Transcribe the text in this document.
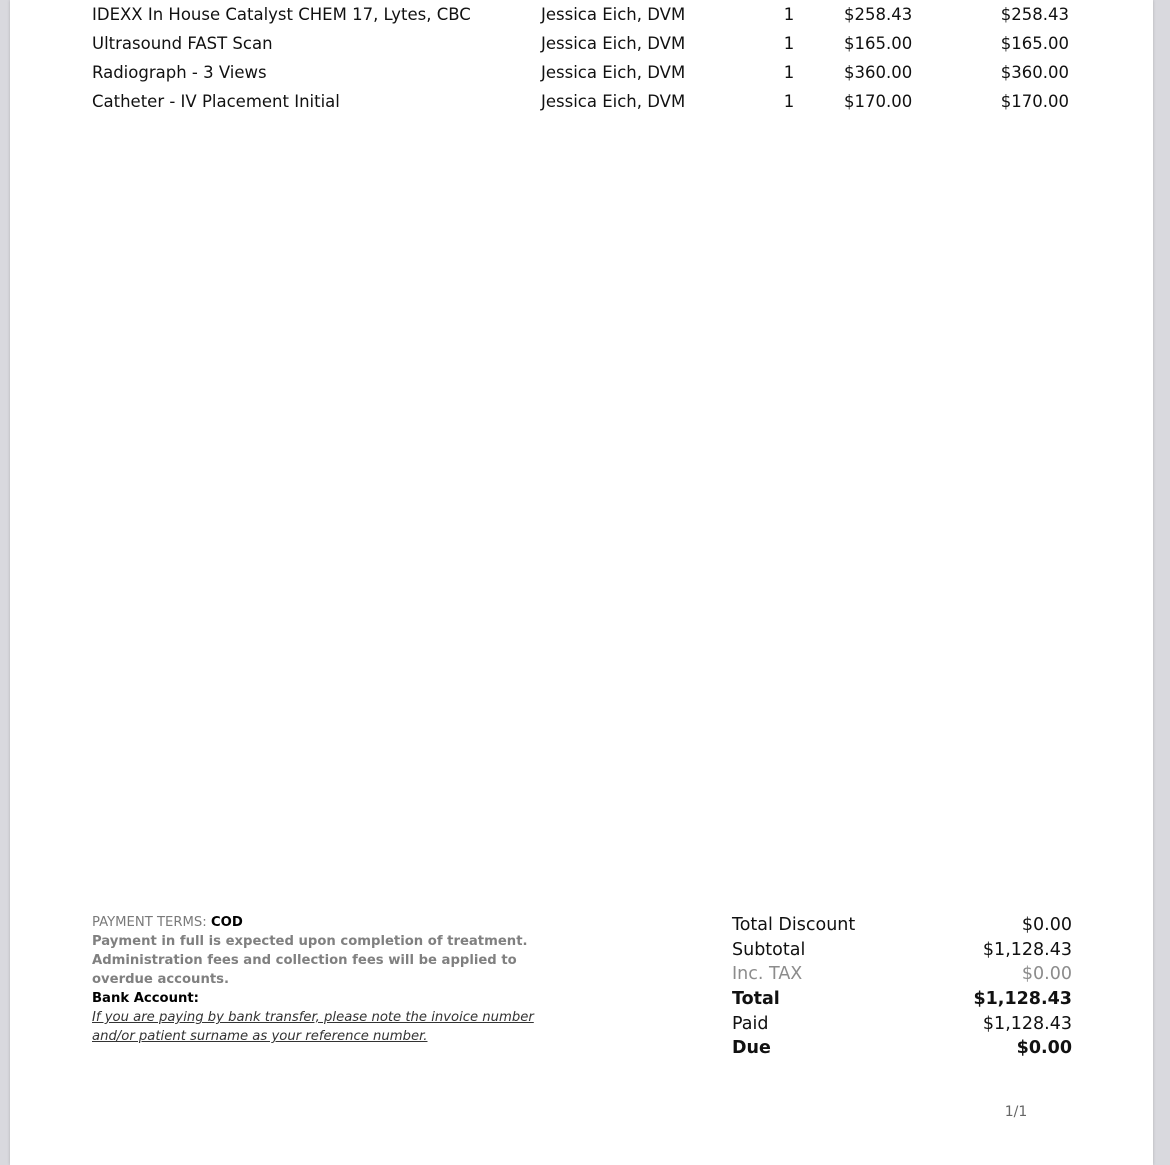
IDEXX In House Catalyst CHEM 17, Lytes, CBC	Jessica Eich, DVM	1	$258.43	$258.43
Ultrasound FAST Scan	Jessica Eich, DVM	1	$165.00	$165.00
Radiograph - 3 Views	Jessica Eich, DVM	1	$360.00	$360.00
Catheter - IV Placement Initial	Jessica Eich, DVM	1	$170.00	$170.00
PAYMENT TERMS: COD
Payment in full is expected upon completion of treatment.
Administration fees and collection fees will be applied to
overdue accounts.
Bank Account:
If you are paying by bank transfer, please note the invoice number
and/or patient surname as your reference number.
Total Discount	$0.00
Subtotal	$1,128.43
Inc. TAX	$0.00
Total	$1,128.43
Paid	$1,128.43
Due	$0.00
1/1
